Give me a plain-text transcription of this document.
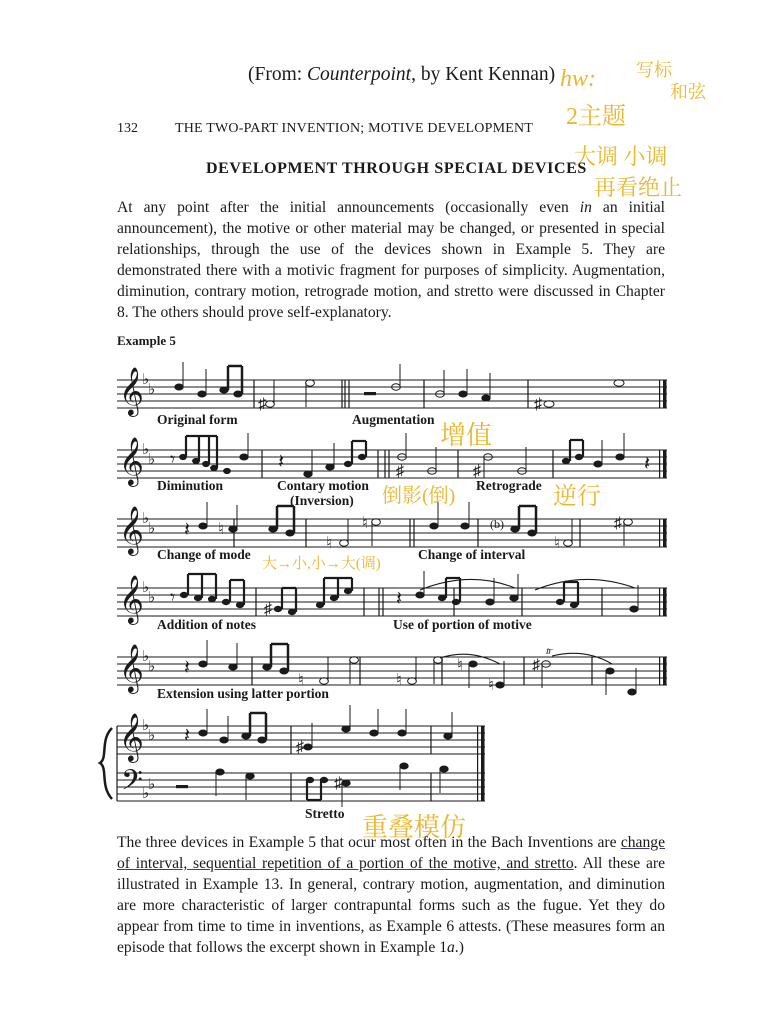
(From: Counterpoint, by Kent Kennan)
132	THE TWO-PART INVENTION; MOTIVE DEVELOPMENT
DEVELOPMENT THROUGH SPECIAL DEVICES

At any point after the initial announcements (occasionally even in an initial announcement), the motive or other material may be changed, or presented in special relationships, through the use of the devices shown in Example 5. They are demonstrated there with a motivic fragment for purposes of simplicity. Augmentation, diminution, contrary motion, retrograde motion, and stretto were discussed in Chapter 8. The others should prove self-explanatory.

Example 5
𝄞
𝄞
𝄞
𝄞
𝄞
𝄞
𝄢
♭
♭
♭
♭
♭
♭
♭
♭
♭
♭
♭
♭
♭
♭
♯	♯
♯	♯
♮
♮
♮
♮
♯
♯
♮	♮
♮
♮
♯
♯
♯
𝄾
𝄾
𝄽	𝄽
𝄽
𝄽
𝄽
𝄽
𝆖
Original form	Augmentation
Diminution	Contary motion
(Inversion)
Retrograde
Change of mode	Change of interval
(b)
Addition of notes	Use of portion of motive
Extension using latter portion
Stretto
hw: 写标
和弦
2主题
大调 小调
再看绝止
增值
倒影(倒)	逆行
大→小,小→大(调)
重叠模仿

The three devices in Example 5 that ocur most often in the Bach Inventions are change of interval, sequential repetition of a portion of the motive, and stretto. All these are illustrated in Example 13. In general, contrary motion, augmentation, and diminution are more characteristic of larger contrapuntal forms such as the fugue. Yet they do appear from time to time in inventions, as Example 6 attests. (These measures form an episode that follows the excerpt shown in Example 1a.)
